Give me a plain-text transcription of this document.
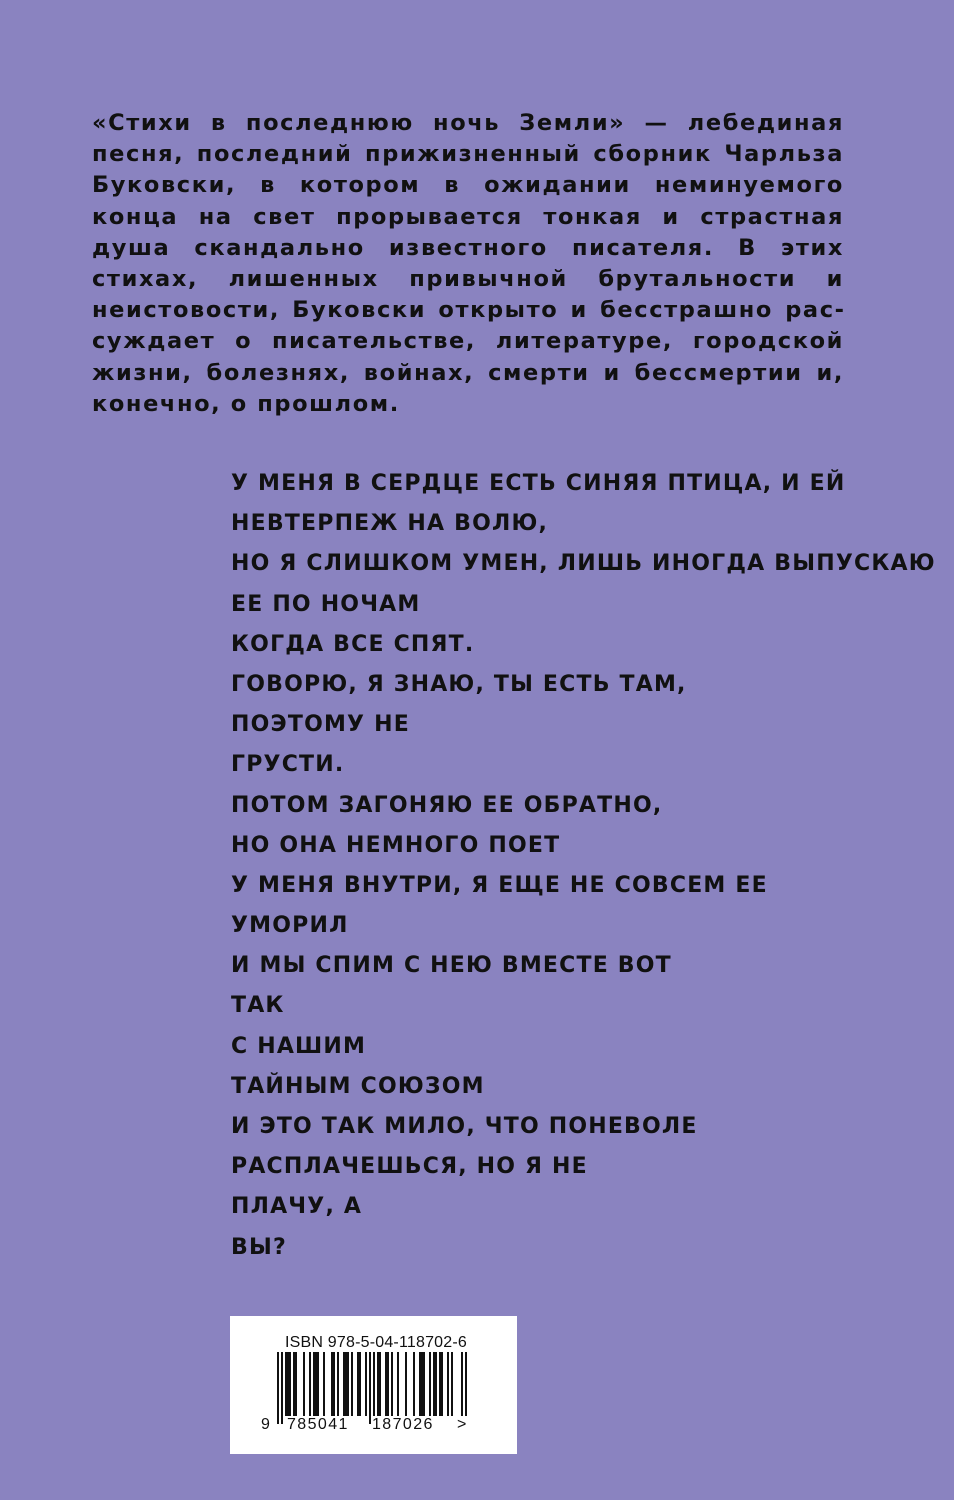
«Стихи в последнюю ночь Земли» — лебединая песня, последний прижизненный сборник Чарльза Буковски, в котором в ожидании неминуемого конца на свет прорывается тонкая и страстная душа скандально известного писателя. В этих стихах, лишенных привычной брутальности и неистовости, Буковски открыто и бесстрашно рассуждает о писательстве, литературе, городской жизни, болезнях, войнах, смерти и бессмертии и, конечно, о прошлом.
У МЕНЯ В СЕРДЦЕ ЕСТЬ СИНЯЯ ПТИЦА, И ЕЙ
НЕВТЕРПЕЖ НА ВОЛЮ,
НО Я СЛИШКОМ УМЕН, ЛИШЬ ИНОГДА ВЫПУСКАЮ
ЕЕ ПО НОЧАМ
КОГДА ВСЕ СПЯТ.
ГОВОРЮ, Я ЗНАЮ, ТЫ ЕСТЬ ТАМ,
ПОЭТОМУ НЕ
ГРУСТИ.
ПОТОМ ЗАГОНЯЮ ЕЕ ОБРАТНО,
НО ОНА НЕМНОГО ПОЕТ
У МЕНЯ ВНУТРИ, Я ЕЩЕ НЕ СОВСЕМ ЕЕ
УМОРИЛ
И МЫ СПИМ С НЕЮ ВМЕСТЕ ВОТ
ТАК
С НАШИМ
ТАЙНЫМ СОЮЗОМ
И ЭТО ТАК МИЛО, ЧТО ПОНЕВОЛЕ
РАСПЛАЧЕШЬСЯ, НО Я НЕ
ПЛАЧУ, А
ВЫ?
ISBN 978-5-04-118702-6
9 785041 187026 >
